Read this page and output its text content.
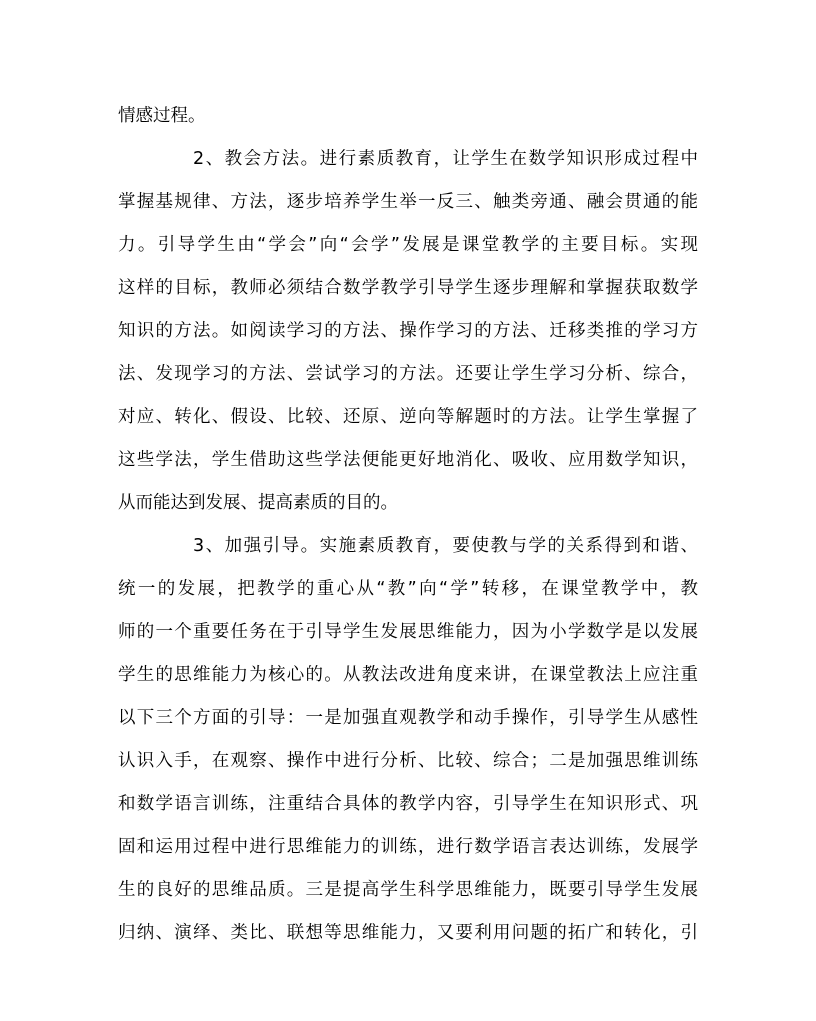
情感过程。
2、教会方法。进行素质教育，让学生在数学知识形成过程中
掌握基规律、方法，逐步培养学生举一反三、触类旁通、融会贯通的能
力。引导学生由“学会”向“会学”发展是课堂教学的主要目标。实现
这样的目标，教师必须结合数学教学引导学生逐步理解和掌握获取数学
知识的方法。如阅读学习的方法、操作学习的方法、迁移类推的学习方
法、发现学习的方法、尝试学习的方法。还要让学生学习分析、综合，
对应、转化、假设、比较、还原、逆向等解题时的方法。让学生掌握了
这些学法，学生借助这些学法便能更好地消化、吸收、应用数学知识，
从而能达到发展、提高素质的目的。
3、加强引导。实施素质教育，要使教与学的关系得到和谐、
统一的发展，把教学的重心从“教”向“学”转移，在课堂教学中，教
师的一个重要任务在于引导学生发展思维能力，因为小学数学是以发展
学生的思维能力为核心的。从教法改进角度来讲，在课堂教法上应注重
以下三个方面的引导：一是加强直观教学和动手操作，引导学生从感性
认识入手，在观察、操作中进行分析、比较、综合；二是加强思维训练
和数学语言训练，注重结合具体的教学内容，引导学生在知识形式、巩
固和运用过程中进行思维能力的训练，进行数学语言表达训练，发展学
生的良好的思维品质。三是提高学生科学思维能力，既要引导学生发展
归纳、演绎、类比、联想等思维能力，又要利用问题的拓广和转化，引
